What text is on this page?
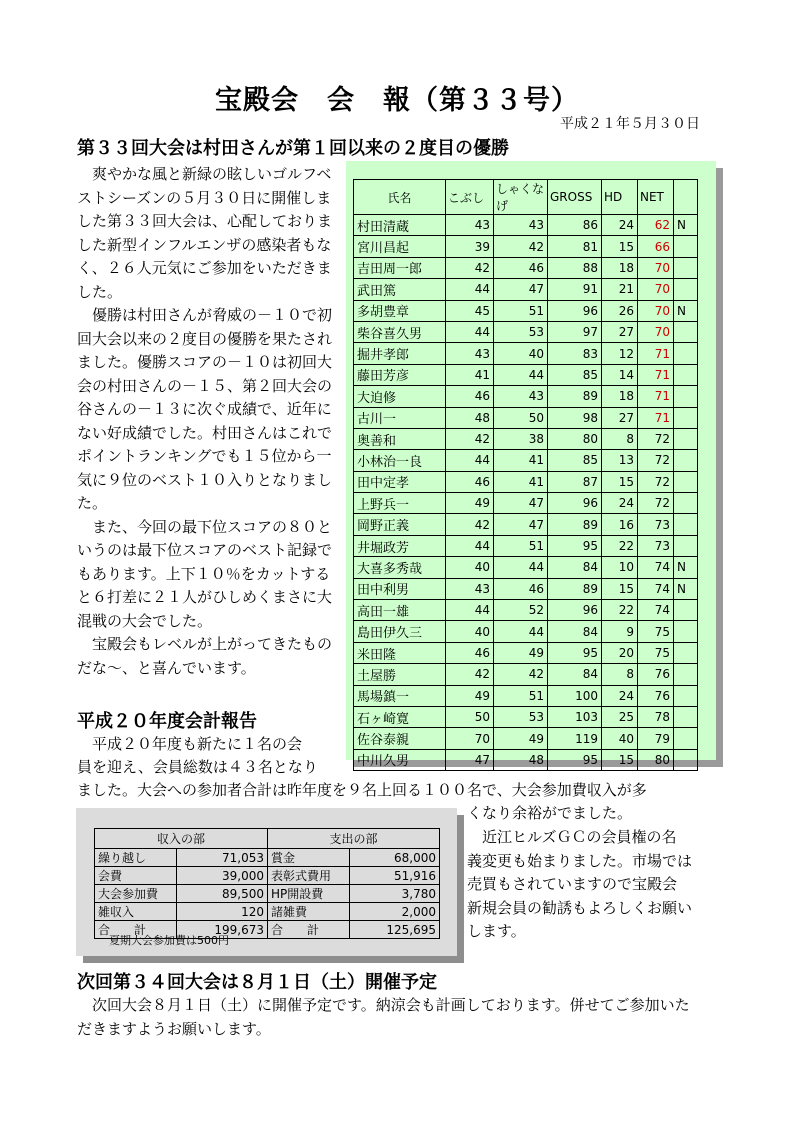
宝殿会　会　報（第３３号）
平成２１年５月３０日
第３３回大会は村田さんが第１回以来の２度目の優勝

　爽やかな風と新緑の眩しいゴルフベストシーズンの５月３０日に開催しました第３３回大会は、心配しておりました新型インフルエンザの感染者もなく、２６人元気にご参加をいただきました。

　優勝は村田さんが脅威の－１０で初回大会以来の２度目の優勝を果たされました。優勝スコアの－１０は初回大会の村田さんの－１５、第２回大会の谷さんの－１３に次ぐ成績で、近年にない好成績でした。村田さんはこれでポイントランキングでも１５位から一気に９位のベスト１０入りとなりました。

　また、今回の最下位スコアの８０というのは最下位スコアのベスト記録でもあります。上下１０％をカットすると６打差に２１人がひしめくまさに大混戦の大会でした。

　宝殿会もレベルが上がってきたものだな～、と喜んでいます。

氏名	こぶし	しゃくなげ	GROSS	HD	NET	
村田清蔵	43	43	86	24	62	N
宮川昌起	39	42	81	15	66	
吉田周一郎	42	46	88	18	70	
武田篤	44	47	91	21	70	
多胡豊章	45	51	96	26	70	N
柴谷喜久男	44	53	97	27	70	
掘井孝郎	43	40	83	12	71	
藤田芳彦	41	44	85	14	71	
大迫修	46	43	89	18	71	
古川一	48	50	98	27	71	
奥善和	42	38	80	8	72	
小林治一良	44	41	85	13	72	
田中定孝	46	41	87	15	72	
上野兵一	49	47	96	24	72	
岡野正義	42	47	89	16	73	
井堀政芳	44	51	95	22	73	
大喜多秀哉	40	44	84	10	74	N
田中利男	43	46	89	15	74	N
高田一雄	44	52	96	22	74	
島田伊久三	40	44	84	9	75	
米田隆	46	49	95	20	75	
土屋勝	42	42	84	8	76	
馬場鎮一	49	51	100	24	76	
石ヶ崎寛	50	53	103	25	78	
佐谷泰親	70	49	119	40	79	
中川久男	47	48	95	15	80	
平成２０年度会計報告
　平成２０年度も新たに１名の会
員を迎え、会員総数は４３名となり
ました。大会への参加者合計は昨年度を９名上回る１００名で、大会参加費収入が多
くなり余裕がでました。

　近江ヒルズＧＣの会員権の名

義変更も始まりました。市場では

売買もされていますので宝殿会

新規会員の勧誘もよろしくお願い

します。

収入の部		支出の部	
繰り越し	71,053	賞金	68,000
会費	39,000	表彰式費用	51,916
大会参加費	89,500	HP開設費	3,780
雑収入	120	諸雑費	2,000
合　　計	199,673	合　　計	125,695
夏期大会参加費は500円
次回第３４回大会は８月１日（土）開催予定
　次回大会８月１日（土）に開催予定です。納涼会も計画しております。併せてご参加いた
だきますようお願いします。
